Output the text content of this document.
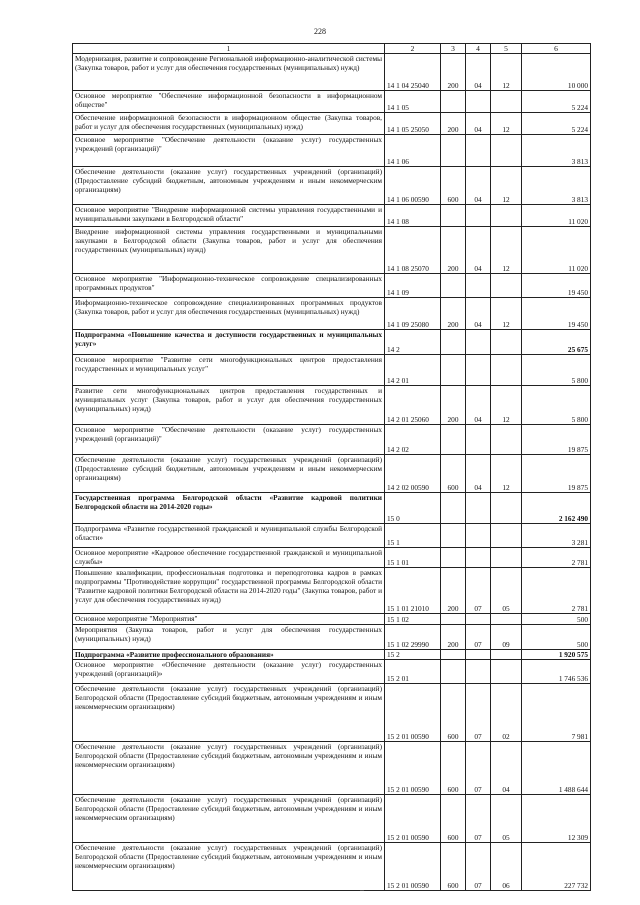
228
1	2	3	4	5	6
Модернизация, развитие и сопровождение Региональной информационно-аналитической системы (Закупка товаров, работ и услуг для обеспечения государственных (муниципальных) нужд)	14 1 04 25040	200	04	12	10 000
Основное мероприятие "Обеспечение информационной безопасности в информационном обществе"	14 1 05				5 224
Обеспечение информационной безопасности в информационном обществе (Закупка товаров, работ и услуг для обеспечения государственных (муниципальных) нужд)	14 1 05 25050	200	04	12	5 224
Основное мероприятие "Обеспечение деятельности (оказание услуг) государственных учреждений (организаций)"	14 1 06				3 813
Обеспечение деятельности (оказание услуг) государственных учреждений (организаций) (Предоставление субсидий бюджетным, автономным учреждениям и иным некоммерческим организациям)	14 1 06 00590	600	04	12	3 813
Основное мероприятие "Внедрение информационной системы управления государственными и муниципальными закупками в Белгородской области"	14 1 08				11 020
Внедрение информационной системы управления государственными и муниципальными закупками в Белгородской области (Закупка товаров, работ и услуг для обеспечения государственных (муниципальных) нужд)	14 1 08 25070	200	04	12	11 020
Основное мероприятие "Информационно-техническое сопровождение специализированных программных продуктов"	14 1 09				19 450
Информационно-техническое сопровождение специализированных программных продуктов (Закупка товаров, работ и услуг для обеспечения государственных (муниципальных) нужд)	14 1 09 25080	200	04	12	19 450
Подпрограмма «Повышение качества и доступности государственных и муниципальных услуг»	14 2				25 675
Основное мероприятие "Развитие сети многофункциональных центров предоставления государственных и муниципальных услуг"	14 2 01				5 800
Развитие сети многофункциональных центров предоставления государственных и муниципальных услуг (Закупка товаров, работ и услуг для обеспечения государственных (муниципальных) нужд)	14 2 01 25060	200	04	12	5 800
Основное мероприятие "Обеспечение деятельности (оказание услуг) государственных учреждений (организаций)"	14 2 02				19 875
Обеспечение деятельности (оказание услуг) государственных учреждений (организаций) (Предоставление субсидий бюджетным, автономным учреждениям и иным некоммерческим организациям)	14 2 02 00590	600	04	12	19 875
Государственная программа Белгородской области «Развитие кадровой политики Белгородской области на 2014-2020 годы»	15 0				2 162 490
Подпрограмма «Развитие государственной гражданской и муниципальной службы Белгородской области»	15 1				3 281
Основное мероприятие «Кадровое обеспечение государственной гражданской и муниципальной службы»	15 1 01				2 781
Повышение квалификации, профессиональная подготовка и переподготовка кадров в рамках подпрограммы "Противодействие коррупции" государственной программы Белгородской области "Развитие кадровой политики Белгородской области на 2014-2020 годы" (Закупка товаров, работ и услуг для обеспечения государственных нужд)	15 1 01 21010	200	07	05	2 781
Основное мероприятие "Мероприятия"	15 1 02				500
Мероприятия (Закупка товаров, работ и услуг для обеспечения государственных (муниципальных) нужд)	15 1 02 29990	200	07	09	500
Подпрограмма «Развитие профессионального образования»	15 2				1 920 575
Основное мероприятие «Обеспечение деятельности (оказание услуг) государственных учреждений (организаций)»	15 2 01				1 746 536
Обеспечение деятельности (оказание услуг) государственных учреждений (организаций) Белгородской области (Предоставление субсидий бюджетным, автономным учреждениям и иным некоммерческим организациям)	15 2 01 00590	600	07	02	7 981
Обеспечение деятельности (оказание услуг) государственных учреждений (организаций) Белгородской области (Предоставление субсидий бюджетным, автономным учреждениям и иным некоммерческим организациям)	15 2 01 00590	600	07	04	1 488 644
Обеспечение деятельности (оказание услуг) государственных учреждений (организаций) Белгородской области (Предоставление субсидий бюджетным, автономным учреждениям и иным некоммерческим организациям)	15 2 01 00590	600	07	05	12 309
Обеспечение деятельности (оказание услуг) государственных учреждений (организаций) Белгородской области (Предоставление субсидий бюджетным, автономным учреждениям и иным некоммерческим организациям)	15 2 01 00590	600	07	06	227 732
